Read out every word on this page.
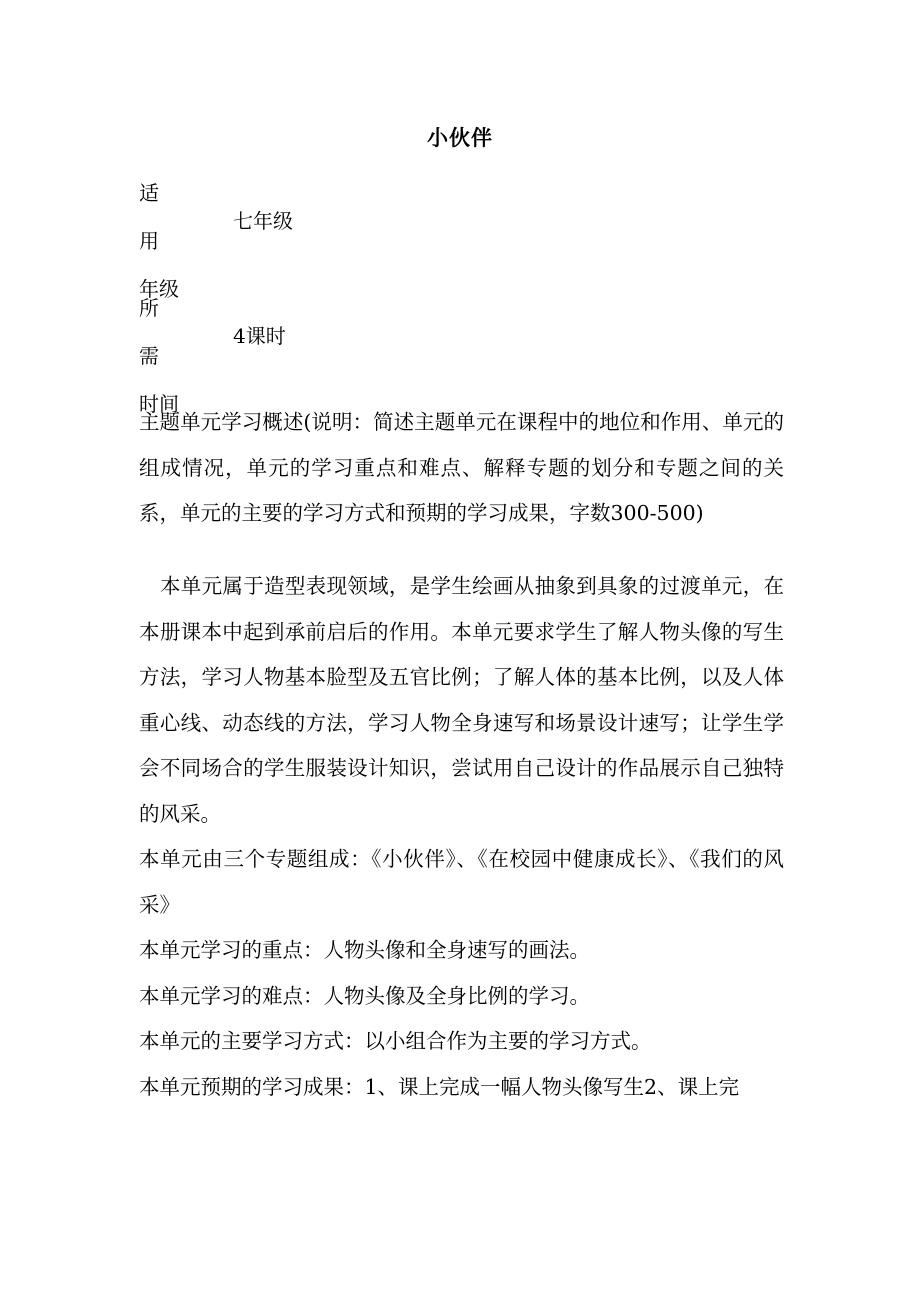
小伙伴
适用
年级
七年级
所需
时间
4课时

主题单元学习概述(说明：简述主题单元在课程中的地位和作用、单元的组成情况，单元的学习重点和难点、解释专题的划分和专题之间的关系，单元的主要的学习方式和预期的学习成果，字数300-500)

本单元属于造型表现领域，是学生绘画从抽象到具象的过渡单元，在本册课本中起到承前启后的作用。本单元要求学生了解人物头像的写生方法，学习人物基本脸型及五官比例；了解人体的基本比例，以及人体重心线、动态线的方法，学习人物全身速写和场景设计速写；让学生学会不同场合的学生服装设计知识，尝试用自己设计的作品展示自己独特的风采。

本单元由三个专题组成：《小伙伴》、《在校园中健康成长》、《我们的风采》

本单元学习的重点：人物头像和全身速写的画法。

本单元学习的难点：人物头像及全身比例的学习。

本单元的主要学习方式：以小组合作为主要的学习方式。

本单元预期的学习成果：1、课上完成一幅人物头像写生2、课上完
